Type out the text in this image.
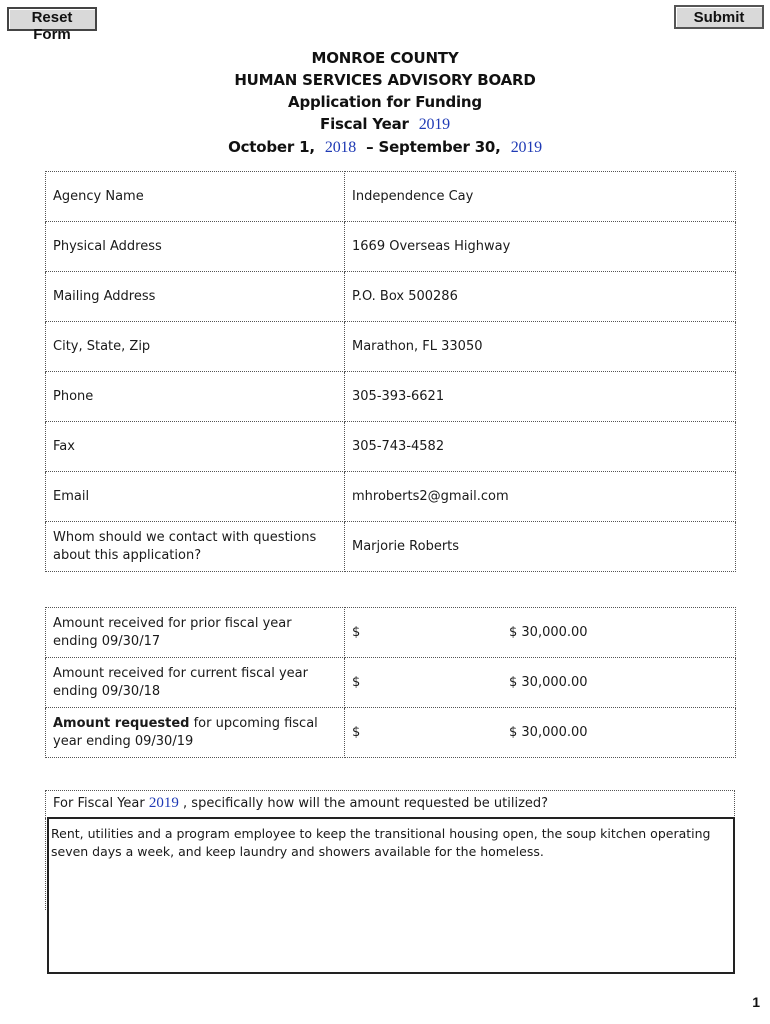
Reset Form
Submit
MONROE COUNTY
HUMAN SERVICES ADVISORY BOARD
Application for Funding
Fiscal Year 2019
October 1, 2018 – September 30, 2019
Agency Name	Independence Cay
Physical Address	1669 Overseas Highway
Mailing Address	P.O. Box 500286
City, State, Zip	Marathon, FL 33050
Phone	305-393-6621
Fax	305-743-4582
Email	mhroberts2@gmail.com
Whom should we contact with questions about this application?	Marjorie Roberts
Amount received for prior fiscal year ending 09/30/17	$ $ 30,000.00

Amount received for current fiscal year ending 09/30/18	$ $ 30,000.00

Amount requested for upcoming fiscal year ending 09/30/19	$ $ 30,000.00
For Fiscal Year 2019 , specifically how will the amount requested be utilized?
Rent, utilities and a program employee to keep the transitional housing open, the soup kitchen operating seven days a week, and keep laundry and showers available for the homeless.
1
